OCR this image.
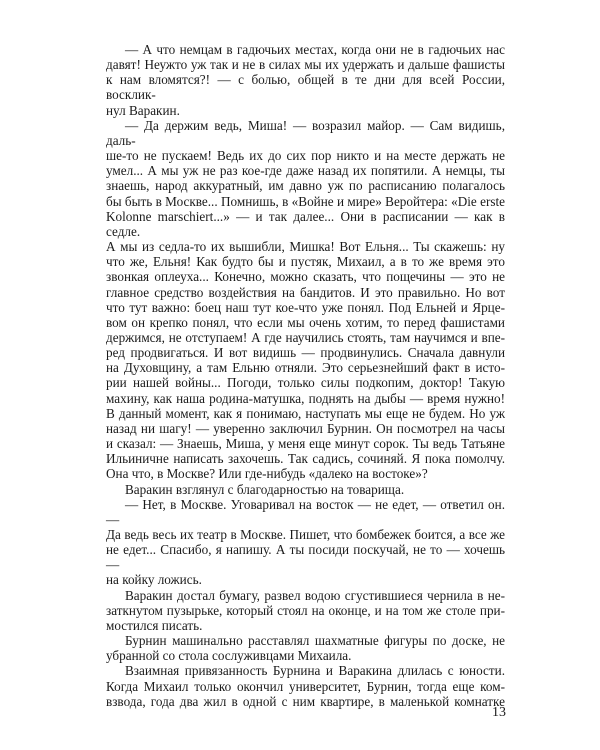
— А что немцам в гадючьих местах, когда они не в гадючьих нас
давят! Неужто уж так и не в силах мы их удержать и дальше фашисты
к нам вломятся?! — с болью, общей в те дни для всей России, восклик-
нул Варакин.
— Да держим ведь, Миша! — возразил майор. — Сам видишь, даль-
ше-то не пускаем! Ведь их до сих пор никто и на месте держать не
умел... А мы уж не раз кое-где даже назад их попятили. А немцы, ты
знаешь, народ аккуратный, им давно уж по расписанию полагалось
бы быть в Москве... Помнишь, в «Войне и мире» Веройтера: «Die erste
Kolonne marschiert...» — и так далее... Они в расписании — как в седле.
А мы из седла-то их вышибли, Мишка! Вот Ельня... Ты скажешь: ну
что же, Ельня! Как будто бы и пустяк, Михаил, а в то же время это
звонкая оплеуха... Конечно, можно сказать, что пощечины — это не
главное средство воздействия на бандитов. И это правильно. Но вот
что тут важно: боец наш тут кое-что уже понял. Под Ельней и Ярце-
вом он крепко понял, что если мы очень хотим, то перед фашистами
держимся, не отступаем! А где научились стоять, там научимся и впе-
ред продвигаться. И вот видишь — продвинулись. Сначала давнули
на Духовщину, а там Ельню отняли. Это серьезнейший факт в исто-
рии нашей войны... Погоди, только силы подкопим, доктор! Такую
махину, как наша родина-матушка, поднять на дыбы — время нужно!
В данный момент, как я понимаю, наступать мы еще не будем. Но уж
назад ни шагу! — уверенно заключил Бурнин. Он посмотрел на часы
и сказал: — Знаешь, Миша, у меня еще минут сорок. Ты ведь Татьяне
Ильиничне написать захочешь. Так садись, сочиняй. Я пока помолчу.
Она что, в Москве? Или где-нибудь «далеко на востоке»?
Варакин взглянул с благодарностью на товарища.
— Нет, в Москве. Уговаривал на восток — не едет, — ответил он. —
Да ведь весь их театр в Москве. Пишет, что бомбежек боится, а все же
не едет... Спасибо, я напишу. А ты посиди поскучай, не то — хочешь —
на койку ложись.
Варакин достал бумагу, развел водою сгустившиеся чернила в не-
заткнутом пузырьке, который стоял на оконце, и на том же столе при-
мостился писать.
Бурнин машинально расставлял шахматные фигуры по доске, не
убранной со стола сослуживцами Михаила.
Взаимная привязанность Бурнина и Варакина длилась с юности.
Когда Михаил только окончил университет, Бурнин, тогда еще ком-
взвода, года два жил в одной с ним квартире, в маленькой комнатке
13
